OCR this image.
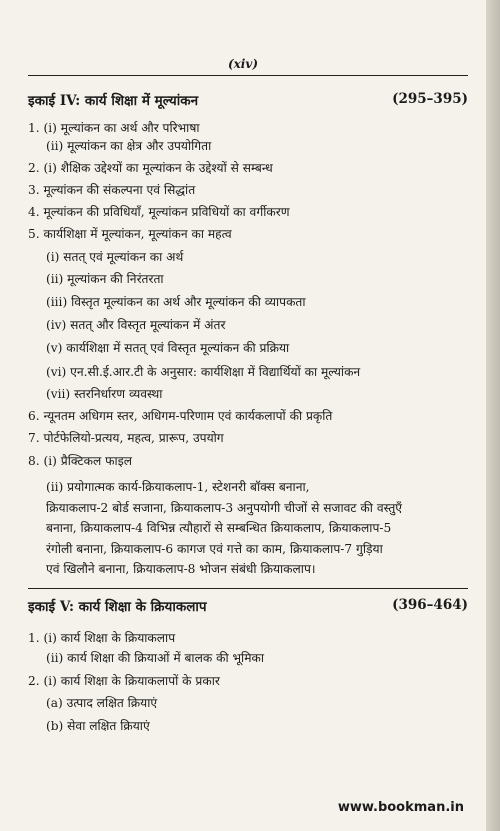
(xiv)
इकाई IV: कार्य शिक्षा में मूल्यांकन	(295–395)
1. (i) मूल्यांकन का अर्थ और परिभाषा
(ii) मूल्यांकन का क्षेत्र और उपयोगिता
2. (i) शैक्षिक उद्देश्यों का मूल्यांकन के उद्देश्यों से सम्बन्ध
3. मूल्यांकन की संकल्पना एवं सिद्धांत
4. मूल्यांकन की प्रविधियाँ, मूल्यांकन प्रविधियों का वर्गीकरण
5. कार्यशिक्षा में मूल्यांकन, मूल्यांकन का महत्व
(i) सतत् एवं मूल्यांकन का अर्थ
(ii) मूल्यांकन की निरंतरता
(iii) विस्तृत मूल्यांकन का अर्थ और मूल्यांकन की व्यापकता
(iv) सतत् और विस्तृत मूल्यांकन में अंतर
(v) कार्यशिक्षा में सतत् एवं विस्तृत मूल्यांकन की प्रक्रिया
(vi) एन.सी.ई.आर.टी के अनुसार: कार्यशिक्षा में विद्यार्थियों का मूल्यांकन
(vii) स्तरनिर्धारण व्यवस्था
6. न्यूनतम अधिगम स्तर, अधिगम-परिणाम एवं कार्यकलापों की प्रकृति
7. पोर्टफेलियो-प्रत्यय, महत्व, प्रारूप, उपयोग
8. (i) प्रैक्टिकल फाइल
(ii) प्रयोगात्मक कार्य-क्रियाकलाप-1, स्टेशनरी बॉक्स बनाना,
क्रियाकलाप-2 बोर्ड सजाना, क्रियाकलाप-3 अनुपयोगी चीजों से सजावट की वस्तुएँ
बनाना, क्रियाकलाप-4 विभिन्न त्यौहारों से सम्बन्धित क्रियाकलाप, क्रियाकलाप-5
रंगोली बनाना, क्रियाकलाप-6 कागज एवं गत्ते का काम, क्रियाकलाप-7 गुड़िया
एवं खिलौने बनाना, क्रियाकलाप-8 भोजन संबंधी क्रियाकलाप।
इकाई V: कार्य शिक्षा के क्रियाकलाप	(396–464)
1. (i) कार्य शिक्षा के क्रियाकलाप
(ii) कार्य शिक्षा की क्रियाओं में बालक की भूमिका
2. (i) कार्य शिक्षा के क्रियाकलापों के प्रकार
(a) उत्पाद लक्षित क्रियाएं
(b) सेवा लक्षित क्रियाएं
www.bookman.in
